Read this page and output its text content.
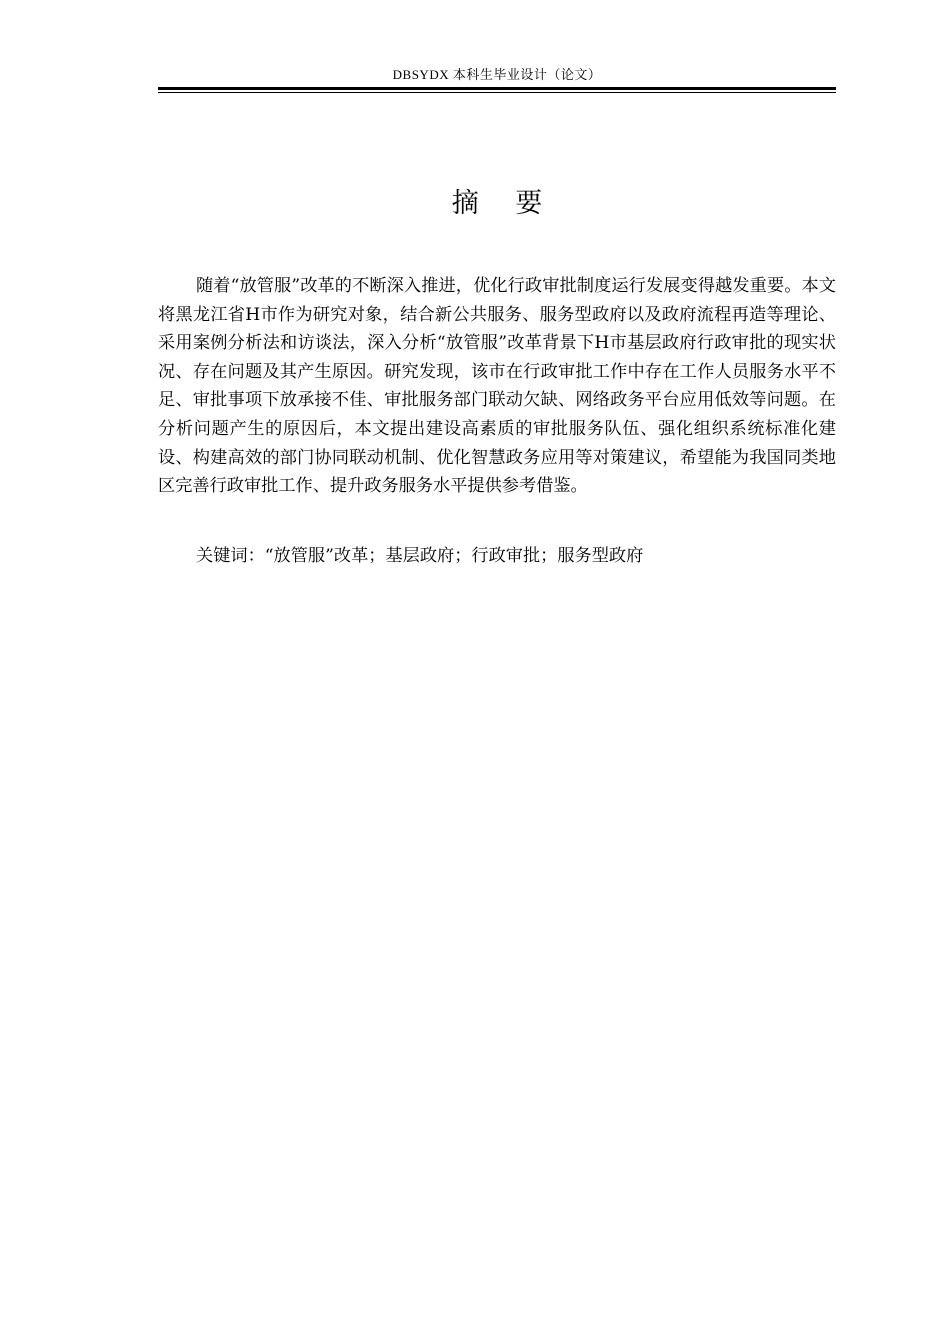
DBSYDX 本科生毕业设计（论文）
摘 要

随着“放管服”改革的不断深入推进，优化行政审批制度运行发展变得越发重要。本文将黑龙江省H市作为研究对象，结合新公共服务、服务型政府以及政府流程再造等理论、采用案例分析法和访谈法，深入分析“放管服”改革背景下H市基层政府行政审批的现实状况、存在问题及其产生原因。研究发现，该市在行政审批工作中存在工作人员服务水平不足、审批事项下放承接不佳、审批服务部门联动欠缺、网络政务平台应用低效等问题。在分析问题产生的原因后，本文提出建设高素质的审批服务队伍、强化组织系统标准化建设、构建高效的部门协同联动机制、优化智慧政务应用等对策建议，希望能为我国同类地区完善行政审批工作、提升政务服务水平提供参考借鉴。

关键词：“放管服”改革；基层政府；行政审批；服务型政府
